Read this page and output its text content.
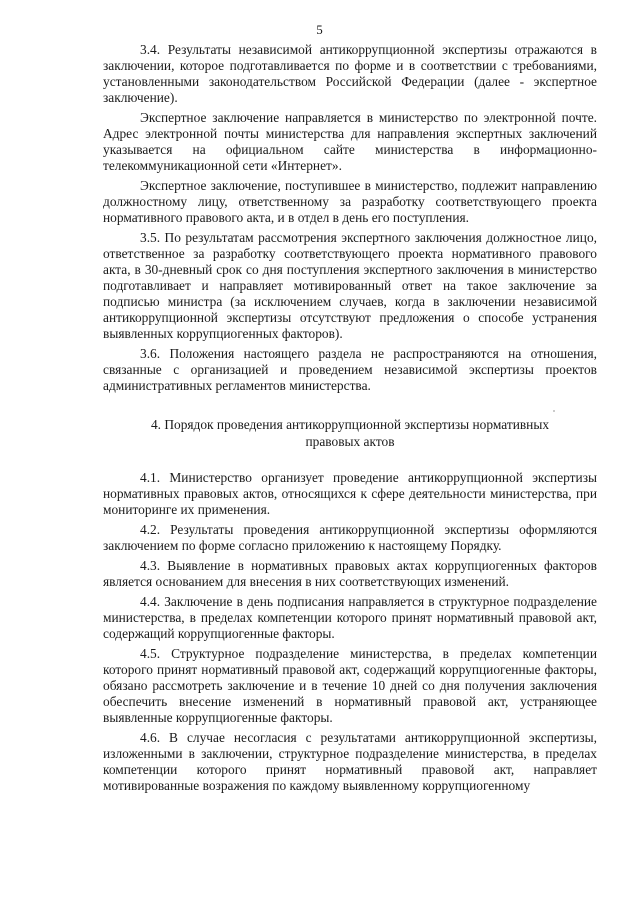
5

3.4. Результаты независимой антикоррупционной экспертизы отражаются в заключении, которое подготавливается по форме и в соответствии с требованиями, установленными законодательством Российской Федерации (далее - экспертное заключение).

Экспертное заключение направляется в министерство по электронной почте. Адрес электронной почты министерства для направления экспертных заключений указывается на официальном сайте министерства в информационно-телекоммуникационной сети «Интернет».

Экспертное заключение, поступившее в министерство, подлежит направлению должностному лицу, ответственному за разработку соответствующего проекта нормативного правового акта, и в отдел в день его поступления.

3.5. По результатам рассмотрения экспертного заключения должностное лицо, ответственное за разработку соответствующего проекта нормативного правового акта, в 30-дневный срок со дня поступления экспертного заключения в министерство подготавливает и направляет мотивированный ответ на такое заключение за подписью министра (за исключением случаев, когда в заключении независимой антикоррупционной экспертизы отсутствуют предложения о способе устранения выявленных коррупциогенных факторов).

3.6. Положения настоящего раздела не распространяются на отношения, связанные с организацией и проведением независимой экспертизы проектов административных регламентов министерства.

4. Порядок проведения антикоррупционной экспертизы нормативных правовых актов

4.1. Министерство организует проведение антикоррупционной экспертизы нормативных правовых актов, относящихся к сфере деятельности министерства, при мониторинге их применения.

4.2. Результаты проведения антикоррупционной экспертизы оформляются заключением по форме согласно приложению к настоящему Порядку.

4.3. Выявление в нормативных правовых актах коррупциогенных факторов является основанием для внесения в них соответствующих изменений.

4.4. Заключение в день подписания направляется в структурное подразделение министерства, в пределах компетенции которого принят нормативный правовой акт, содержащий коррупциогенные факторы.

4.5. Структурное подразделение министерства, в пределах компетенции которого принят нормативный правовой акт, содержащий коррупциогенные факторы, обязано рассмотреть заключение и в течение 10 дней со дня получения заключения обеспечить внесение изменений в нормативный правовой акт, устраняющее выявленные коррупциогенные факторы.

4.6. В случае несогласия с результатами антикоррупционной экспертизы, изложенными в заключении, структурное подразделение министерства, в пределах компетенции которого принят нормативный правовой акт, направляет мотивированные возражения по каждому выявленному коррупциогенному
